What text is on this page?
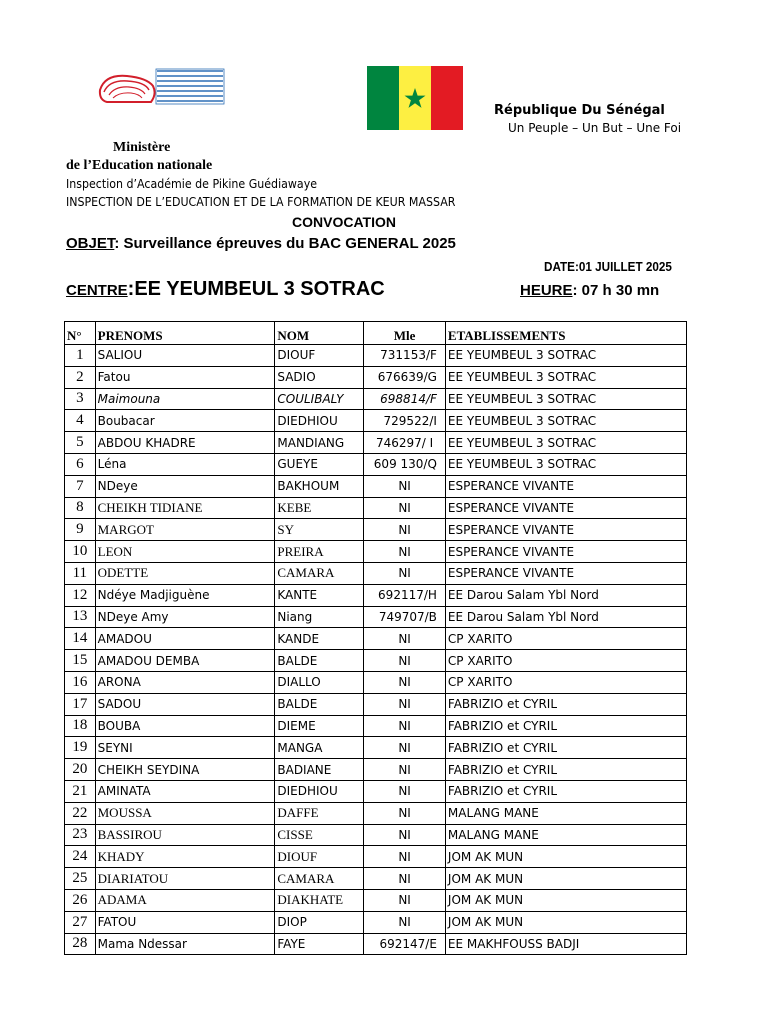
République Du Sénégal
Un Peuple – Un But – Une Foi
Ministère
de l’Education nationale
Inspection d’Académie de Pikine Guédiawaye
INSPECTION DE L’EDUCATION ET DE LA FORMATION DE KEUR MASSAR
CONVOCATION
OBJET: Surveillance épreuves du BAC GENERAL 2025
DATE:01 JUILLET 2025
CENTRE:EE YEUMBEUL 3 SOTRAC	HEURE: 07 h 30 mn
N°	PRENOMS	NOM	Mle	ETABLISSEMENTS
1	SALIOU	DIOUF	731153/F	EE YEUMBEUL 3 SOTRAC
2	Fatou	SADIO	676639/G	EE YEUMBEUL 3 SOTRAC
3	Maimouna	COULIBALY	698814/F	EE YEUMBEUL 3 SOTRAC
4	Boubacar	DIEDHIOU	729522/I	EE YEUMBEUL 3 SOTRAC
5	ABDOU KHADRE	MANDIANG	746297/ I	EE YEUMBEUL 3 SOTRAC
6	Léna	GUEYE	609 130/Q	EE YEUMBEUL 3 SOTRAC
7	NDeye	BAKHOUM	NI	ESPERANCE VIVANTE
8	CHEIKH TIDIANE	KEBE	NI	ESPERANCE VIVANTE
9	MARGOT	SY	NI	ESPERANCE VIVANTE
10	LEON	PREIRA	NI	ESPERANCE VIVANTE
11	ODETTE	CAMARA	NI	ESPERANCE VIVANTE
12	Ndéye Madjiguène	KANTE	692117/H	EE Darou Salam Ybl Nord
13	NDeye Amy	Niang	749707/B	EE Darou Salam Ybl Nord
14	AMADOU	KANDE	NI	CP XARITO
15	AMADOU DEMBA	BALDE	NI	CP XARITO
16	ARONA	DIALLO	NI	CP XARITO
17	SADOU	BALDE	NI	FABRIZIO et CYRIL
18	BOUBA	DIEME	NI	FABRIZIO et CYRIL
19	SEYNI	MANGA	NI	FABRIZIO et CYRIL
20	CHEIKH SEYDINA	BADIANE	NI	FABRIZIO et CYRIL
21	AMINATA	DIEDHIOU	NI	FABRIZIO et CYRIL
22	MOUSSA	DAFFE	NI	MALANG MANE
23	BASSIROU	CISSE	NI	MALANG MANE
24	KHADY	DIOUF	NI	JOM AK MUN
25	DIARIATOU	CAMARA	NI	JOM AK MUN
26	ADAMA	DIAKHATE	NI	JOM AK MUN
27	FATOU	DIOP	NI	JOM AK MUN
28	Mama Ndessar	FAYE	692147/E	EE MAKHFOUSS BADJI
